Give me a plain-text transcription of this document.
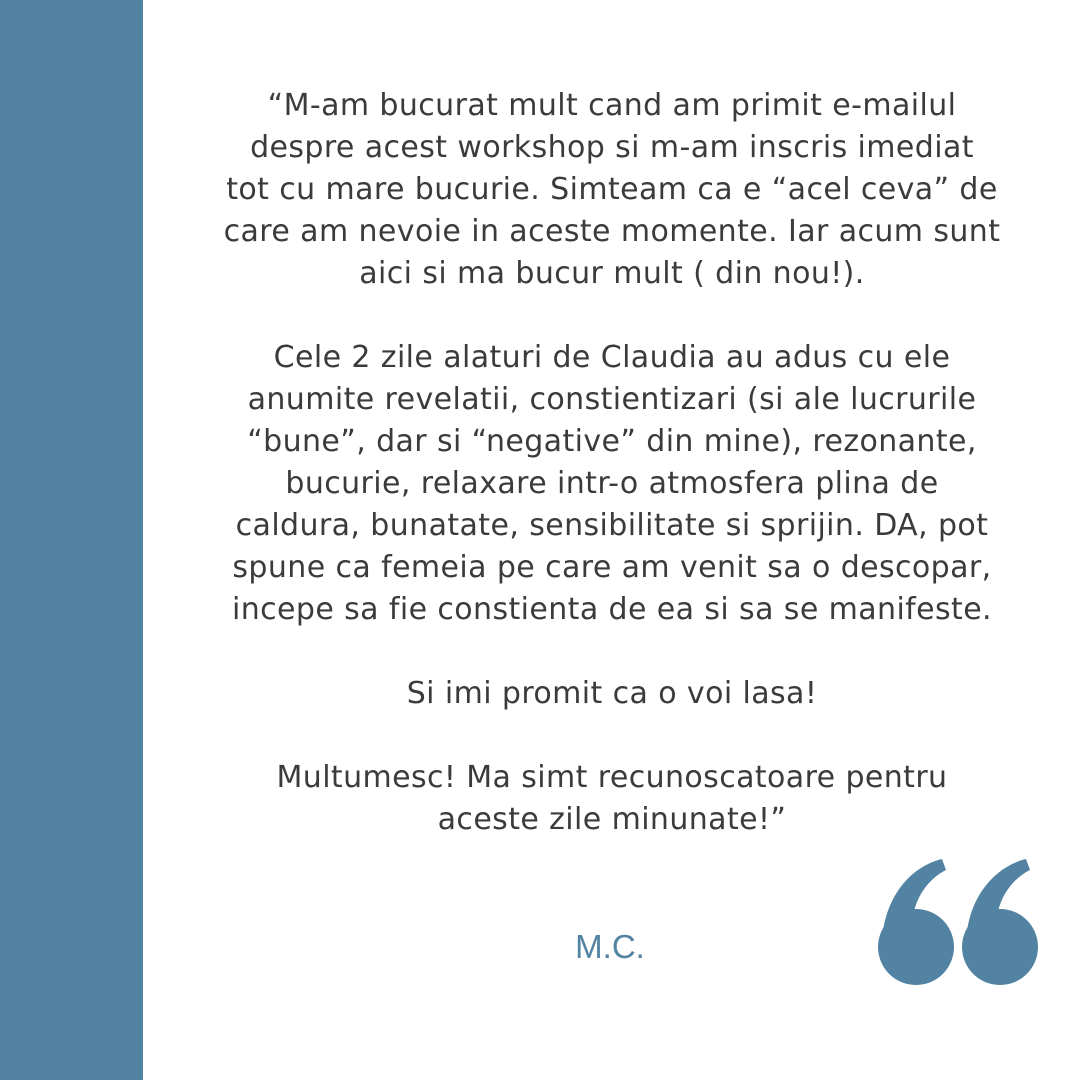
“M-am bucurat mult cand am primit e-mailul
despre acest workshop si m-am inscris imediat
tot cu mare bucurie. Simteam ca e “acel ceva” de
care am nevoie in aceste momente. Iar acum sunt
aici si ma bucur mult ( din nou!).

Cele 2 zile alaturi de Claudia au adus cu ele
anumite revelatii, constientizari (si ale lucrurile
“bune”, dar si “negative” din mine), rezonante,
bucurie, relaxare intr-o atmosfera plina de
caldura, bunatate, sensibilitate si sprijin. DA, pot
spune ca femeia pe care am venit sa o descopar,
incepe sa fie constienta de ea si sa se manifeste.

Si imi promit ca o voi lasa!

Multumesc! Ma simt recunoscatoare pentru
aceste zile minunate!”

M.C.
